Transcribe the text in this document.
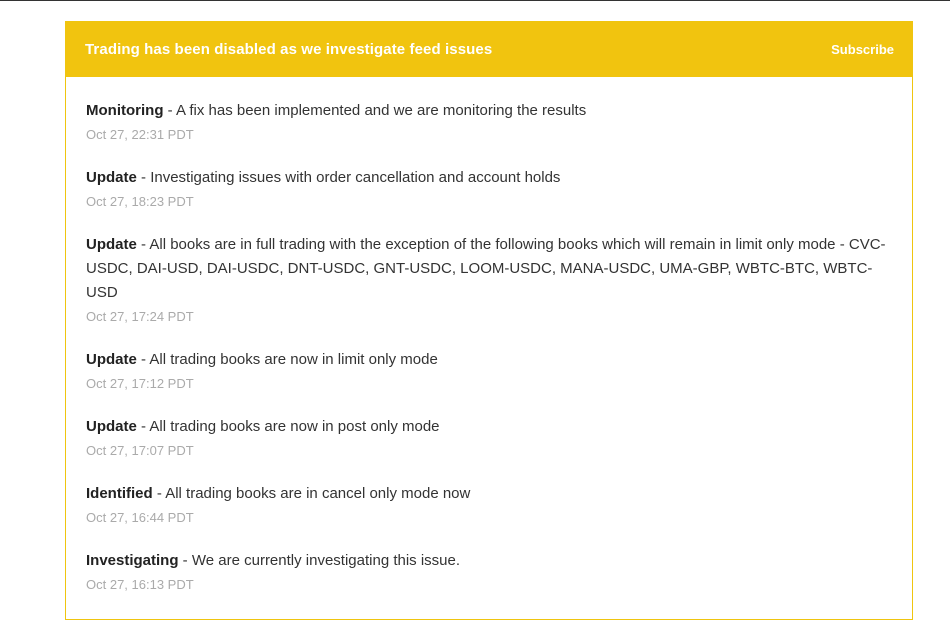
Trading has been disabled as we investigate feed issues	Subscribe

Monitoring - A fix has been implemented and we are monitoring the results

Oct 27, 22:31 PDT

Update - Investigating issues with order cancellation and account holds

Oct 27, 18:23 PDT

Update - All books are in full trading with the exception of the following books which will remain in limit only mode - CVC-USDC, DAI-USD, DAI-USDC, DNT-USDC, GNT-USDC, LOOM-USDC, MANA-USDC, UMA-GBP, WBTC-BTC, WBTC-USD

Oct 27, 17:24 PDT

Update - All trading books are now in limit only mode

Oct 27, 17:12 PDT

Update - All trading books are now in post only mode

Oct 27, 17:07 PDT

Identified - All trading books are in cancel only mode now

Oct 27, 16:44 PDT

Investigating - We are currently investigating this issue.

Oct 27, 16:13 PDT
